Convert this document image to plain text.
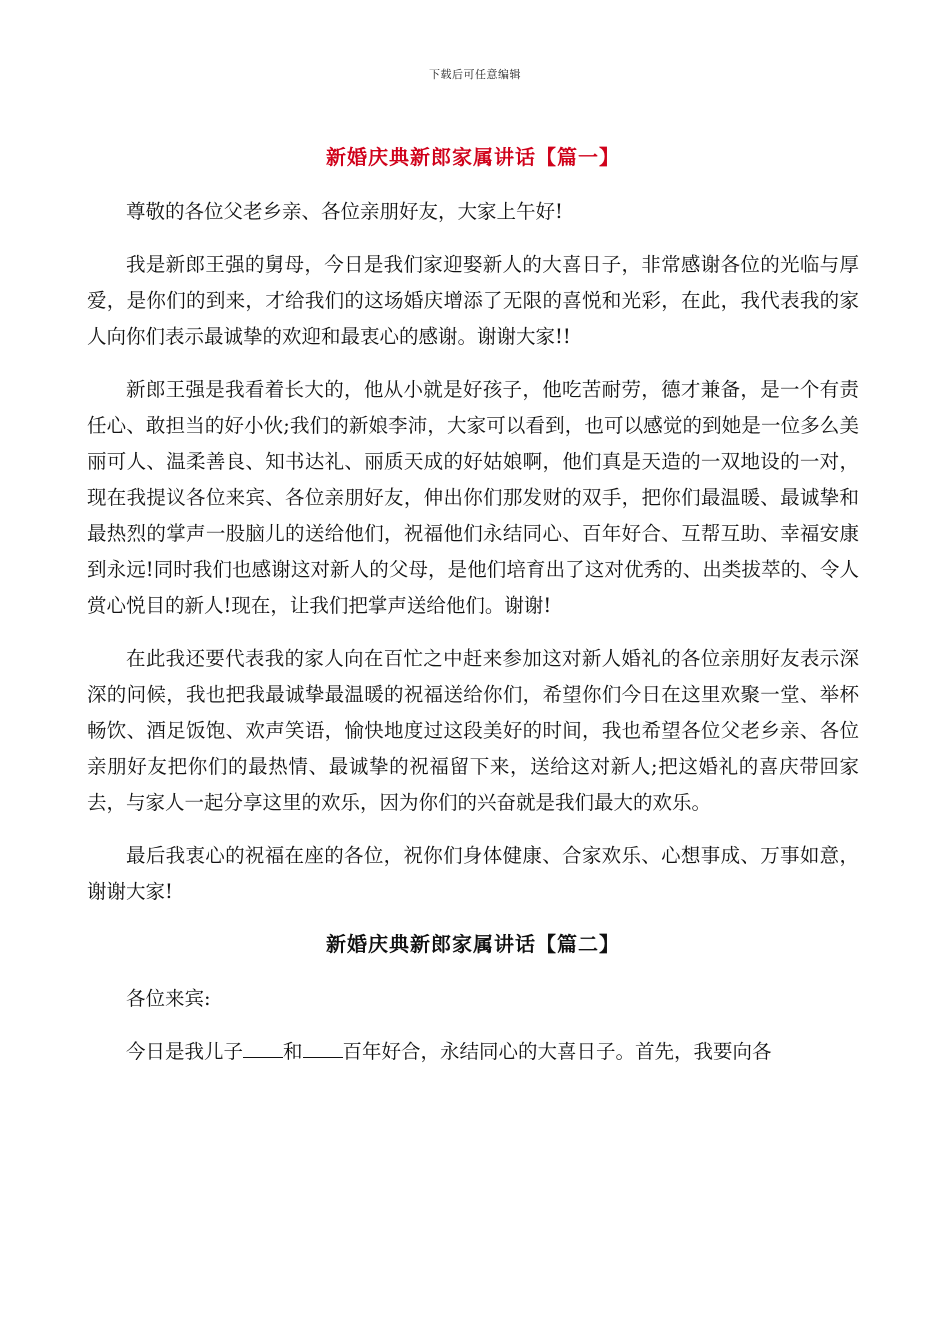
下载后可任意编辑
新婚庆典新郎家属讲话【篇一】

尊敬的各位父老乡亲、各位亲朋好友，大家上午好!

我是新郎王强的舅母，今日是我们家迎娶新人的大喜日子，非常感谢各位的光临与厚爱，是你们的到来，才给我们的这场婚庆增添了无限的喜悦和光彩，在此，我代表我的家人向你们表示最诚挚的欢迎和最衷心的感谢。谢谢大家!!

新郎王强是我看着长大的，他从小就是好孩子，他吃苦耐劳，德才兼备，是一个有责任心、敢担当的好小伙;我们的新娘李沛，大家可以看到，也可以感觉的到她是一位多么美丽可人、温柔善良、知书达礼、丽质天成的好姑娘啊，他们真是天造的一双地设的一对，现在我提议各位来宾、各位亲朋好友，伸出你们那发财的双手，把你们最温暖、最诚挚和最热烈的掌声一股脑儿的送给他们，祝福他们永结同心、百年好合、互帮互助、幸福安康到永远!同时我们也感谢这对新人的父母，是他们培育出了这对优秀的、出类拔萃的、令人赏心悦目的新人!现在，让我们把掌声送给他们。谢谢!

在此我还要代表我的家人向在百忙之中赶来参加这对新人婚礼的各位亲朋好友表示深深的问候，我也把我最诚挚最温暖的祝福送给你们，希望你们今日在这里欢聚一堂、举杯畅饮、酒足饭饱、欢声笑语，愉快地度过这段美好的时间，我也希望各位父老乡亲、各位亲朋好友把你们的最热情、最诚挚的祝福留下来，送给这对新人;把这婚礼的喜庆带回家去，与家人一起分享这里的欢乐，因为你们的兴奋就是我们最大的欢乐。

最后我衷心的祝福在座的各位，祝你们身体健康、合家欢乐、心想事成、万事如意，谢谢大家!

新婚庆典新郎家属讲话【篇二】

各位来宾:

今日是我儿子 和 百年好合，永结同心的大喜日子。首先，我要向各
